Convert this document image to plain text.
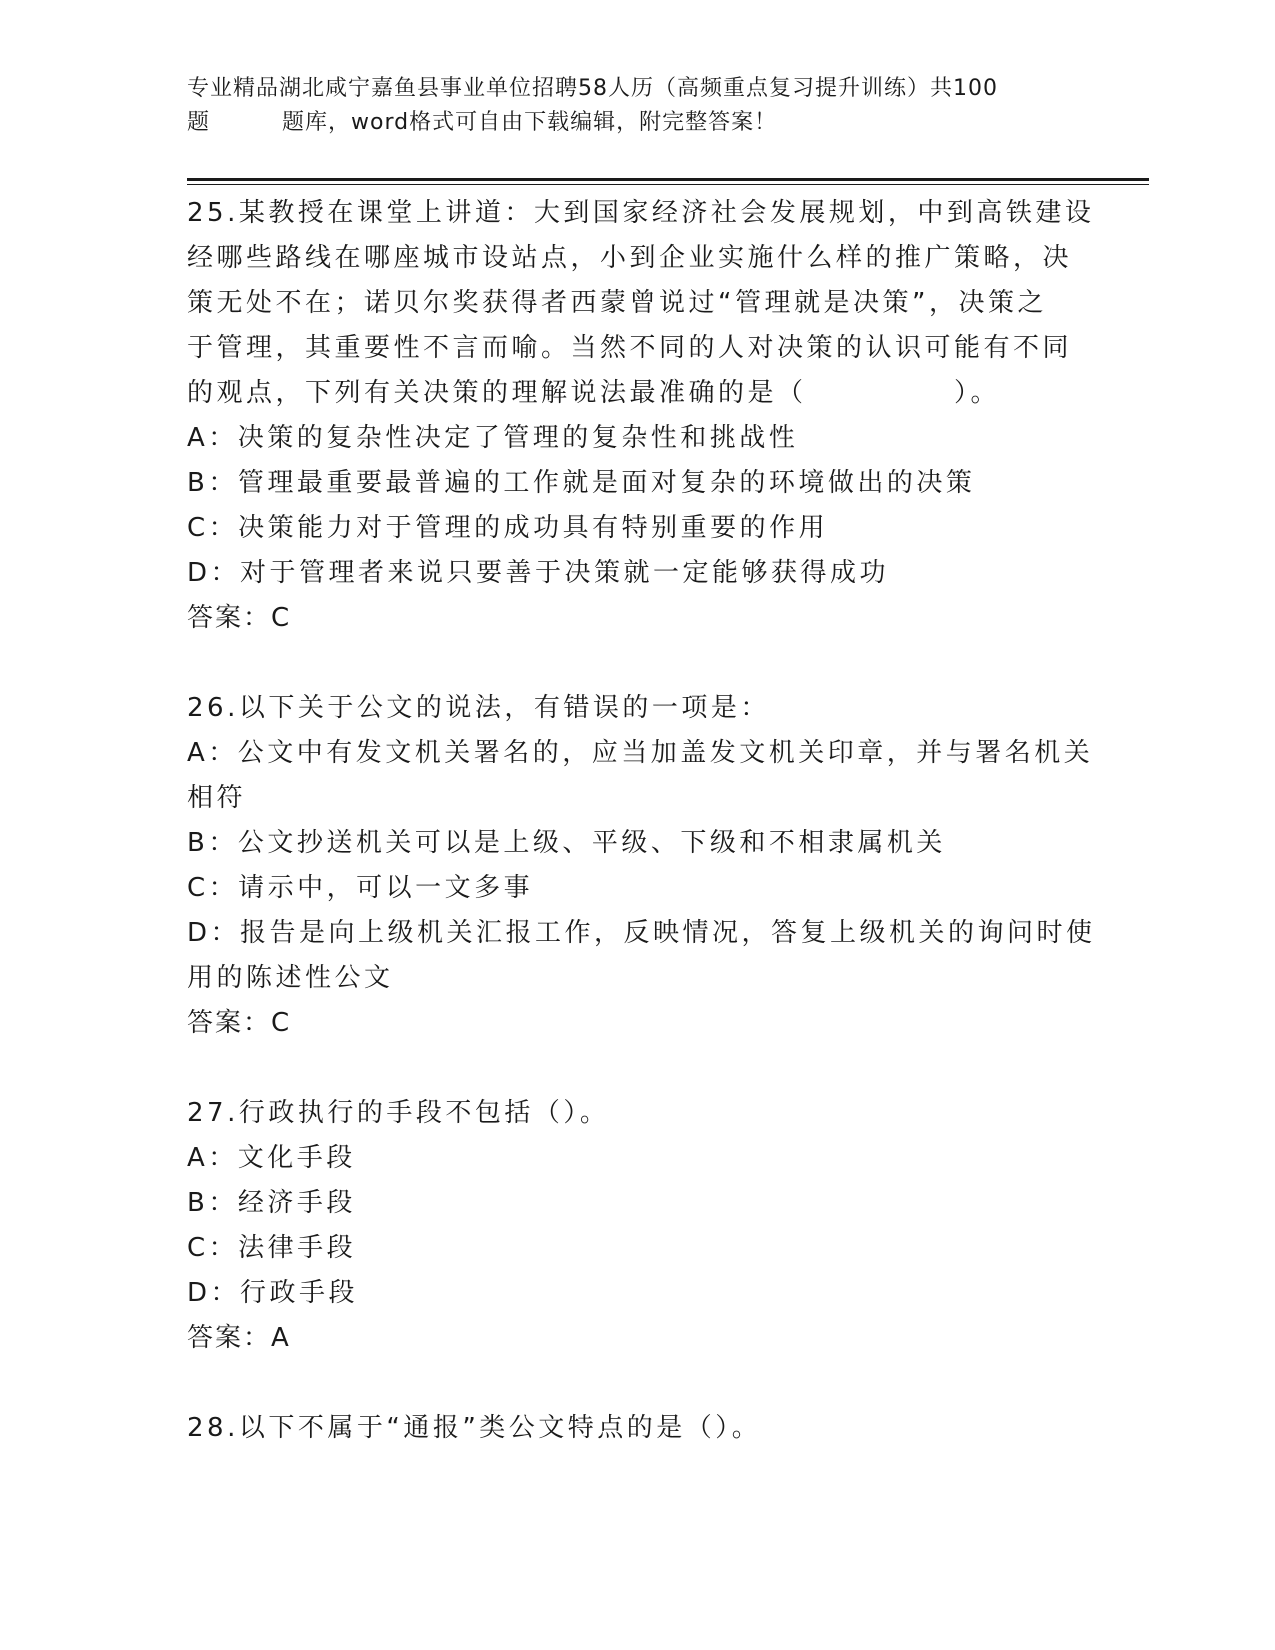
专业精品湖北咸宁嘉鱼县事业单位招聘58人历（高频重点复习提升训练）共100
题	题库，word格式可自由下载编辑，附完整答案！
25.某教授在课堂上讲道：大到国家经济社会发展规划，中到高铁建设
经哪些路线在哪座城市设站点，小到企业实施什么样的推广策略，决
策无处不在；诺贝尔奖获得者西蒙曾说过“管理就是决策”，决策之
于管理，其重要性不言而喻。当然不同的人对决策的认识可能有不同
的观点，下列有关决策的理解说法最准确的是（　　　　　）。
A：决策的复杂性决定了管理的复杂性和挑战性
B：管理最重要最普遍的工作就是面对复杂的环境做出的决策
C：决策能力对于管理的成功具有特别重要的作用
D：对于管理者来说只要善于决策就一定能够获得成功
答案：C
26.以下关于公文的说法，有错误的一项是：
A：公文中有发文机关署名的，应当加盖发文机关印章，并与署名机关
相符
B：公文抄送机关可以是上级、平级、下级和不相隶属机关
C：请示中，可以一文多事
D：报告是向上级机关汇报工作，反映情况，答复上级机关的询问时使
用的陈述性公文
答案：C
27.行政执行的手段不包括（）。
A：文化手段
B：经济手段
C：法律手段
D：行政手段
答案：A
28.以下不属于“通报”类公文特点的是（）。
